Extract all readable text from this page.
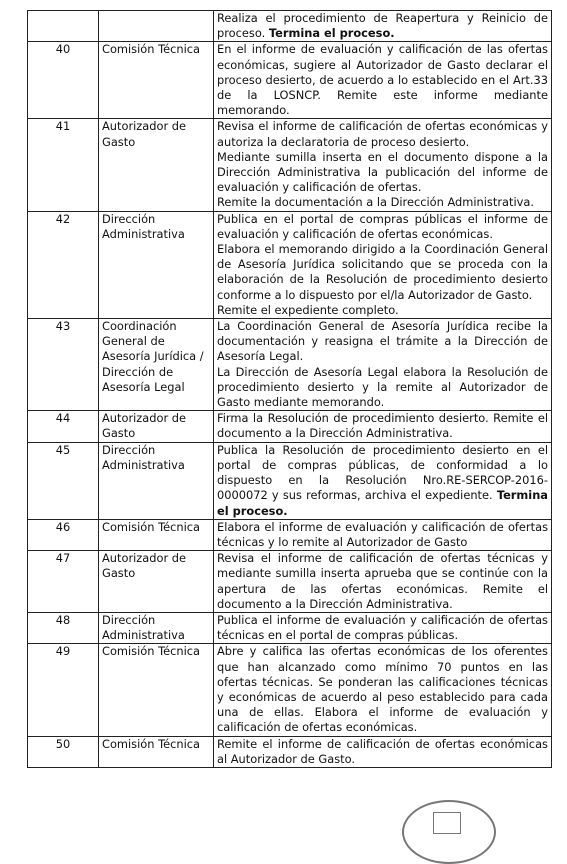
		Realiza el procedimiento de Reapertura y Reinicio de proceso. Termina el proceso.

40	Comisión Técnica	En el informe de evaluación y calificación de las ofertas económicas, sugiere al Autorizador de Gasto declarar el proceso desierto, de acuerdo a lo establecido en el Art.33 de la LOSNCP. Remite este informe mediante memorando.

41	Autorizador de Gasto	Revisa el informe de calificación de ofertas económicas y autoriza la declaratoria de proceso desierto.
Mediante sumilla inserta en el documento dispone a la Dirección Administrativa la publicación del informe de evaluación y calificación de ofertas.
Remite la documentación a la Dirección Administrativa.

42	Dirección Administrativa	Publica en el portal de compras públicas el informe de evaluación y calificación de ofertas económicas.
Elabora el memorando dirigido a la Coordinación General de Asesoría Jurídica solicitando que se proceda con la elaboración de la Resolución de procedimiento desierto conforme a lo dispuesto por el/la Autorizador de Gasto.
Remite el expediente completo.

43	Coordinación General de Asesoría Jurídica / Dirección de Asesoría Legal	La Coordinación General de Asesoría Jurídica recibe la documentación y reasigna el trámite a la Dirección de Asesoría Legal.
La Dirección de Asesoría Legal elabora la Resolución de procedimiento desierto y la remite al Autorizador de Gasto mediante memorando.

44	Autorizador de Gasto	Firma la Resolución de procedimiento desierto. Remite el documento a la Dirección Administrativa.

45	Dirección Administrativa	Publica la Resolución de procedimiento desierto en el portal de compras públicas, de conformidad a lo dispuesto en la Resolución Nro.RE-SERCOP-2016-0000072 y sus reformas, archiva el expediente. Termina el proceso.

46	Comisión Técnica	Elabora el informe de evaluación y calificación de ofertas técnicas y lo remite al Autorizador de Gasto

47	Autorizador de Gasto	Revisa el informe de calificación de ofertas técnicas y mediante sumilla inserta aprueba que se continúe con la apertura de las ofertas económicas. Remite el documento a la Dirección Administrativa.

48	Dirección Administrativa	Publica el informe de evaluación y calificación de ofertas técnicas en el portal de compras públicas.

49	Comisión Técnica	Abre y califica las ofertas económicas de los oferentes que han alcanzado como mínimo 70 puntos en las ofertas técnicas. Se ponderan las calificaciones técnicas y económicas de acuerdo al peso establecido para cada una de ellas. Elabora el informe de evaluación y calificación de ofertas económicas.

50	Comisión Técnica	Remite el informe de calificación de ofertas económicas al Autorizador de Gasto.
